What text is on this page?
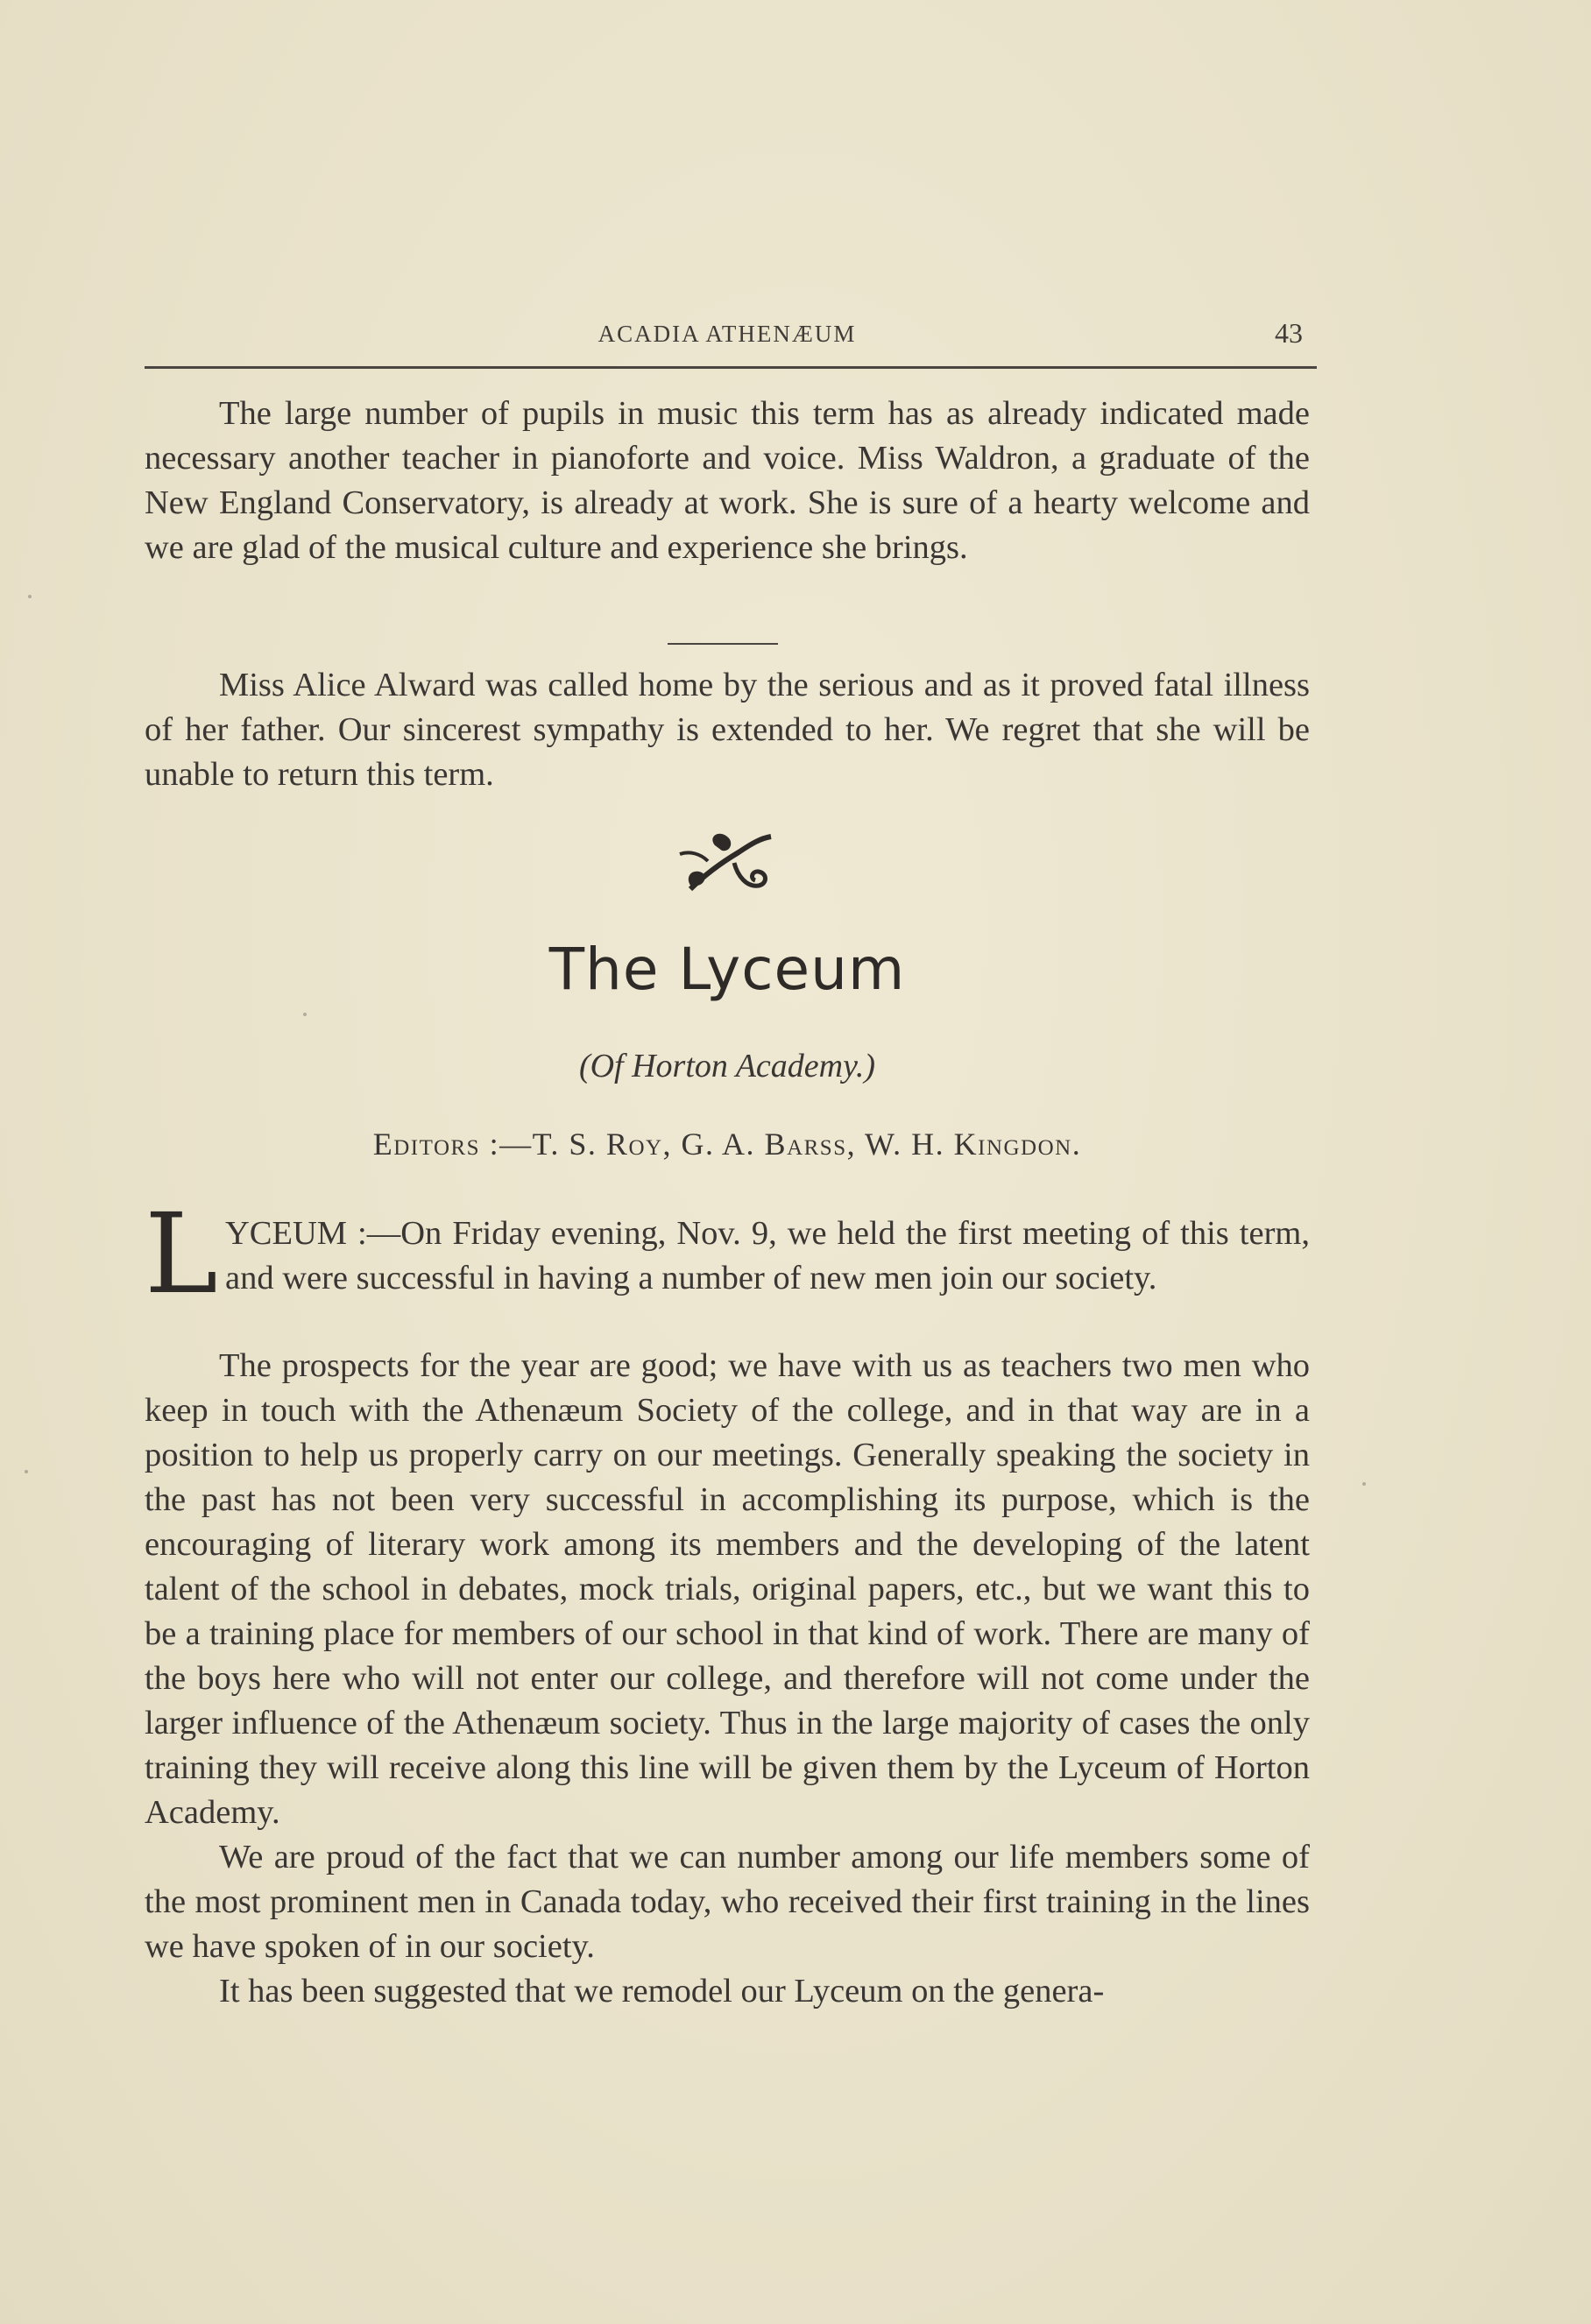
ACADIA ATHENÆUM	43

The large number of pupils in music this term has as already indicated made necessary another teacher in pianoforte and voice. Miss Waldron, a graduate of the New England Conservatory, is already at work. She is sure of a hearty welcome and we are glad of the musical culture and experience she brings.

Miss Alice Alward was called home by the serious and as it proved fatal illness of her father. Our sincerest sympathy is extended to her. We regret that she will be unable to return this term.

The Lyceum
(Of Horton Academy.)
Editors :—T. S. Roy, G. A. Barss, W. H. Kingdon.

YCEUM :—On Friday evening, Nov. 9, we held the first meeting of this term, and were successful in having a number of new men join our society.

L

The prospects for the year are good; we have with us as teachers two men who keep in touch with the Athenæum Society of the college, and in that way are in a position to help us properly carry on our meetings. Generally speaking the society in the past has not been very successful in accomplishing its purpose, which is the encouraging of literary work among its members and the developing of the latent talent of the school in debates, mock trials, original papers, etc., but we want this to be a training place for members of our school in that kind of work. There are many of the boys here who will not enter our college, and therefore will not come under the larger influence of the Athenæum society. Thus in the large majority of cases the only training they will receive along this line will be given them by the Lyceum of Horton Academy.

We are proud of the fact that we can number among our life members some of the most prominent men in Canada today, who received their first training in the lines we have spoken of in our society.

It has been suggested that we remodel our Lyceum on the genera-
